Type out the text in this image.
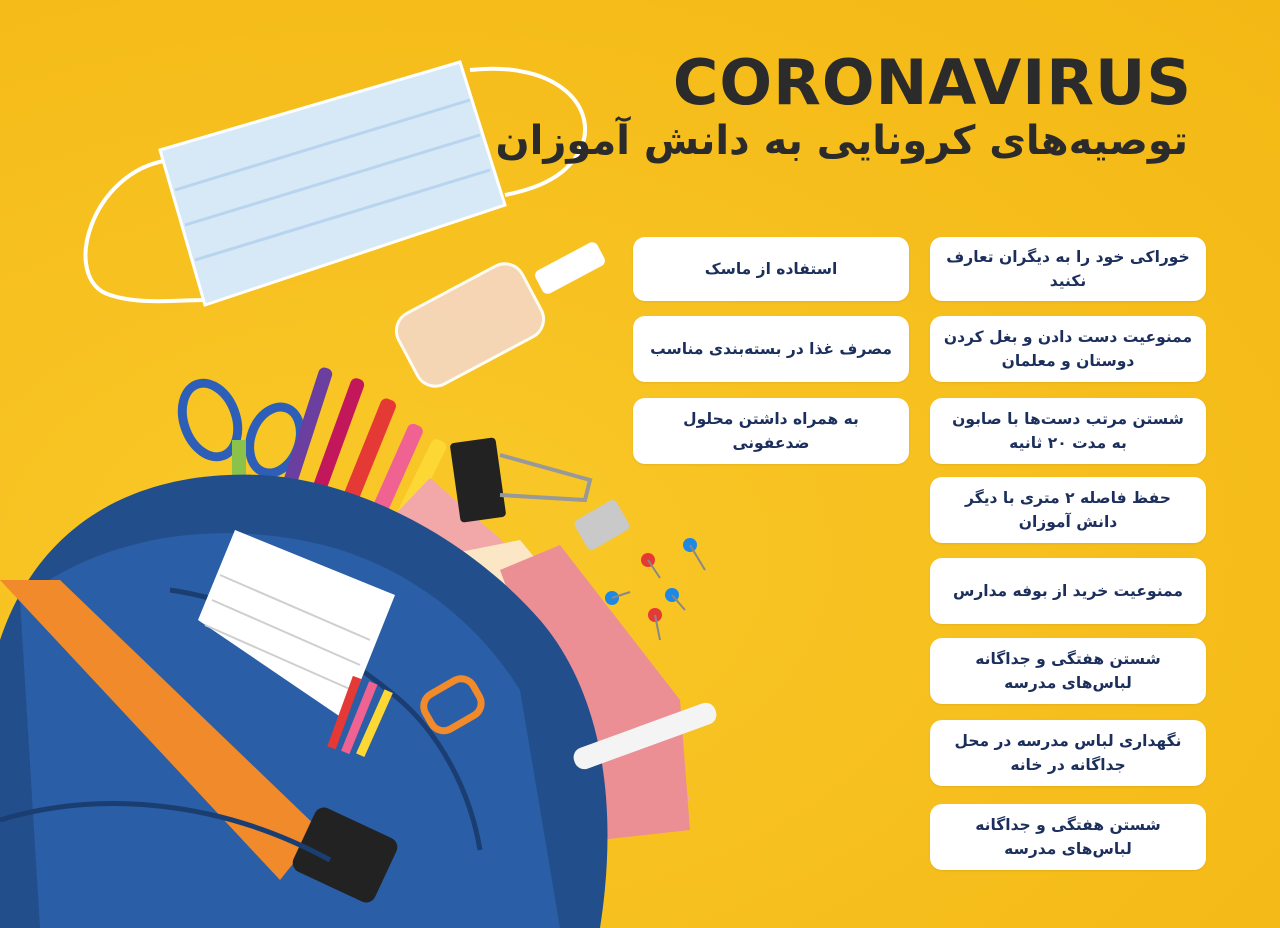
CORONAVIRUS
توصیه‌های کرونایی به دانش آموزان
خوراکی خود را به دیگران تعارف نکنید
ممنوعیت دست دادن و بغل کردن دوستان و معلمان
شستن مرتب دست‌ها با صابون به مدت ۲۰ ثانیه
حفظ فاصله ۲ متری با دیگر دانش آموزان
ممنوعیت خرید از بوفه مدارس
شستن هفتگی و جداگانه لباس‌های مدرسه
نگهداری لباس مدرسه در محل جداگانه در خانه
شستن هفتگی و جداگانه لباس‌های مدرسه
استفاده از ماسک
مصرف غذا در بسته‌بندی مناسب
به همراه داشتن محلول ضدعفونی
